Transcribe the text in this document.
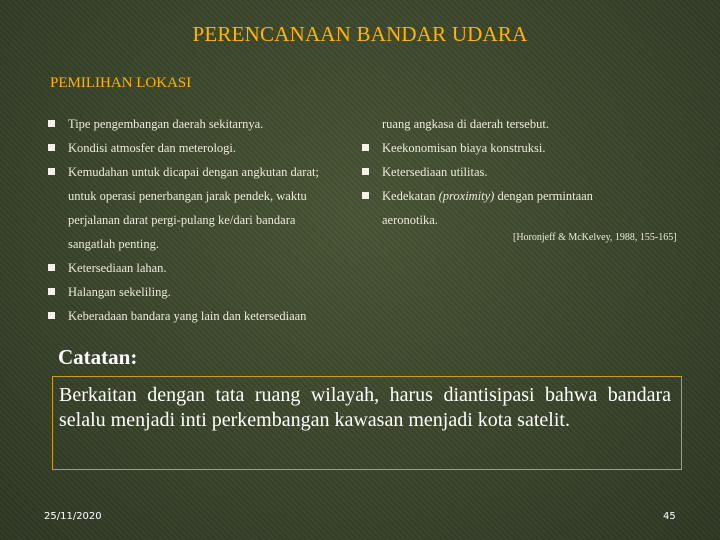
PERENCANAAN BANDAR UDARA
PEMILIHAN LOKASI
Tipe pengembangan daerah sekitarnya.
Kondisi atmosfer dan meterologi.
Kemudahan untuk dicapai dengan angkutan darat;
untuk operasi penerbangan jarak pendek, waktu
perjalanan darat pergi-pulang ke/dari bandara
sangatlah penting.
Ketersediaan lahan.
Halangan sekeliling.
Keberadaan bandara yang lain dan ketersediaan
ruang angkasa di daerah tersebut.
Keekonomisan biaya konstruksi.
Ketersediaan utilitas.
Kedekatan (proximity) dengan permintaan
aeronotika.
[Horonjeff & McKelvey, 1988, 155-165]
Catatan:
Berkaitan dengan tata ruang wilayah, harus diantisipasi bahwa bandara selalu menjadi inti perkembangan kawasan menjadi kota satelit.
25/11/2020	45
